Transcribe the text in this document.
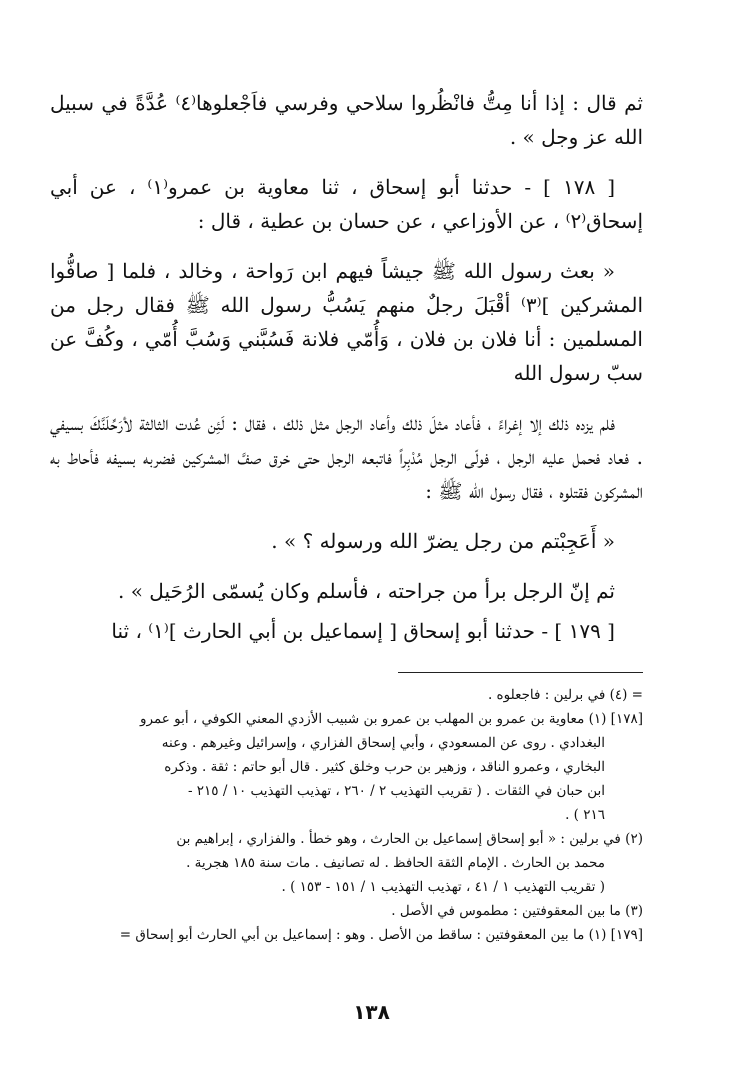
ثم قال : إذا أنا مِتُّ فانْظُروا سلاحي وفرسي فاَجْعلوها⁽٤⁾ عُدَّةً في سبيل الله عز وجل » .

[ ١٧٨ ] - حدثنا أبو إسحاق ، ثنا معاوية بن عمرو⁽١⁾ ، عن أبي إسحاق⁽٢⁾ ، عن الأوزاعي ، عن حسان بن عطية ، قال :

« بعث رسول الله ﷺ جيشاً فيهم ابن رَواحة ، وخالد ، فلما [ صافُّوا المشركين ]⁽٣⁾ أقْبَلَ رجلٌ منهم يَسُبُّ رسول الله ﷺ فقال رجل من المسلمين : أنا فلان بن فلان ، وَأُمّي فلانة فَسُبَّني وَسُبَّ أُمّي ، وكُفَّ عن سبّ رسول الله

فلم يزده ذلك إلا إغراءً ، فأعاد مثلَ ذلك وأعاد الرجل مثل ذلك ، فقال : لَئِن عُدت الثالثة لأرَحِّلَنَّكَ بسيفي . فعاد فحمل عليه الرجل ، فولّى الرجل مُدْبِراً فاتبعه الرجل حتى خرق صفَّ المشركين فضربه بسيفه فأحاط به المشركون فقتلوه ، فقال رسول الله ﷺ :

« أَعَجِبْتم من رجل يضرّ الله ورسوله ؟ » .

ثم إنّ الرجل برأ من جراحته ، فأسلم وكان يُسمّى الرُحَيل » .

[ ١٧٩ ] - حدثنا أبو إسحاق [ إسماعيل بن أبي الحارث ]⁽١⁾ ، ثنا

= (٤) في برلين : فاجعلوه .
[١٧٨] (١) معاوية بن عمرو بن المهلب بن عمرو بن شبيب الأزدي المعني الكوفي ، أبو عمرو
البغدادي . روى عن المسعودي ، وأبي إسحاق الفزاري ، وإسرائيل وغيرهم . وعنه
البخاري ، وعمرو الناقد ، وزهير بن حرب وخلق كثير . قال أبو حاتم : ثقة . وذكره
ابن حبان في الثقات . ( تقريب التهذيب ٢ / ٢٦٠ ، تهذيب التهذيب ١٠ / ٢١٥ -
٢١٦ ) .
(٢) في برلين : « أبو إسحاق إسماعيل بن الحارث ، وهو خطأ . والفزاري ، إبراهيم بن
محمد بن الحارث . الإمام الثقة الحافظ . له تصانيف . مات سنة ١٨٥ هجرية .
( تقريب التهذيب ١ / ٤١ ، تهذيب التهذيب ١ / ١٥١ - ١٥٣ ) .
(٣) ما بين المعقوفتين : مطموس في الأصل .
[١٧٩] (١) ما بين المعقوفتين : ساقط من الأصل . وهو : إسماعيل بن أبي الحارث أبو إسحاق =
١٣٨
